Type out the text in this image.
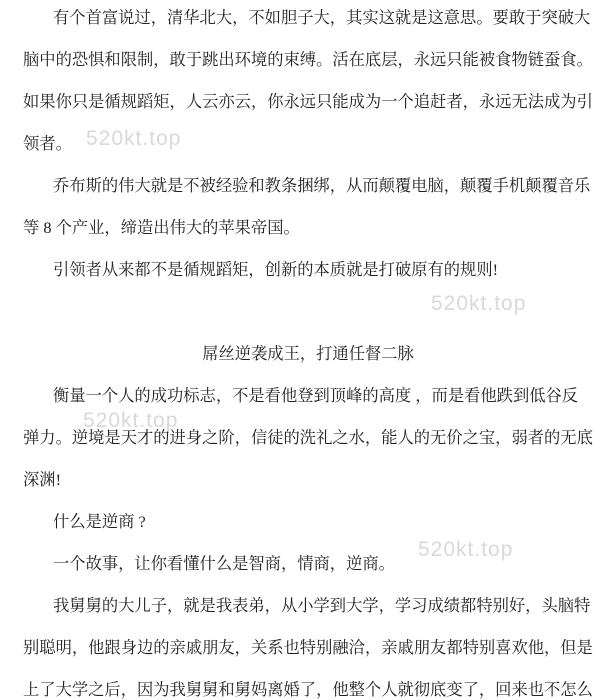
520kt.top
520kt.top
520kt.top
520kt.top
有个首富说过，清华北大，不如胆子大，其实这就是这意思。要敢于突破大
脑中的恐惧和限制，敢于跳出环境的束缚。活在底层，永远只能被食物链蚕食。
如果你只是循规蹈矩，人云亦云，你永远只能成为一个追赶者，永远无法成为引
领者。
乔布斯的伟大就是不被经验和教条捆绑，从而颠覆电脑，颠覆手机颠覆音乐
等 8 个产业，缔造出伟大的苹果帝国。
引领者从来都不是循规蹈矩，创新的本质就是打破原有的规则!
屌丝逆袭成王，打通任督二脉
衡量一个人的成功标志，不是看他登到顶峰的高度 ，而是看他跌到低谷反
弹力。逆境是天才的进身之阶，信徒的洗礼之水，能人的无价之宝，弱者的无底
深渊!
什么是逆商 ?
一个故事，让你看懂什么是智商，情商，逆商。
我舅舅的大儿子，就是我表弟，从小学到大学，学习成绩都特别好，头脑特
别聪明，他跟身边的亲戚朋友，关系也特别融洽，亲戚朋友都特别喜欢他，但是
上了大学之后，因为我舅舅和舅妈离婚了，他整个人就彻底变了，回来也不怎么
